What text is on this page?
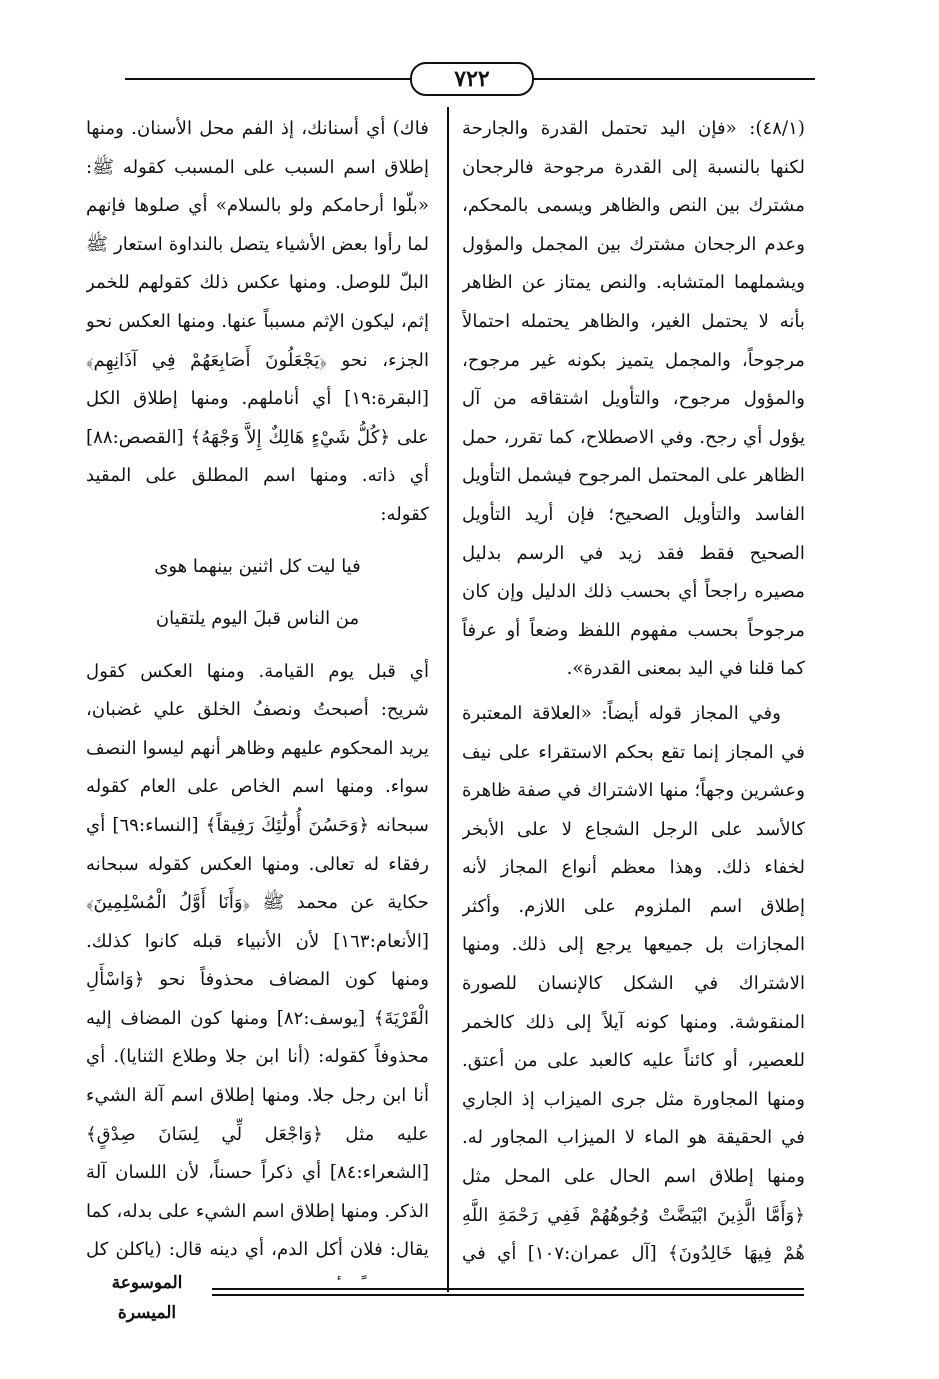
٧٢٢

(٤٨/١): «فإن اليد تحتمل القدرة والجارحة لكنها بالنسبة إلى القدرة مرجوحة فالرجحان مشترك بين النص والظاهر ويسمى بالمحكم، وعدم الرجحان مشترك بين المجمل والمؤول ويشملهما المتشابه. والنص يمتاز عن الظاهر بأنه لا يحتمل الغير، والظاهر يحتمله احتمالاً مرجوحاً، والمجمل يتميز بكونه غير مرجوح، والمؤول مرجوح، والتأويل اشتقاقه من آل يؤول أي رجح. وفي الاصطلاح، كما تقرر، حمل الظاهر على المحتمل المرجوح فيشمل التأويل الفاسد والتأويل الصحيح؛ فإن أريد التأويل الصحيح فقط فقد زيد في الرسم بدليل مصيره راجحاً أي بحسب ذلك الدليل وإن كان مرجوحاً بحسب مفهوم اللفظ وضعاً أو عرفاً كما قلنا في اليد بمعنى القدرة».

وفي المجاز قوله أيضاً: «العلاقة المعتبرة في المجاز إنما تقع بحكم الاستقراء على نيف وعشرين وجهاً؛ منها الاشتراك في صفة ظاهرة كالأسد على الرجل الشجاع لا على الأبخر لخفاء ذلك. وهذا معظم أنواع المجاز لأنه إطلاق اسم الملزوم على اللازم. وأكثر المجازات بل جميعها يرجع إلى ذلك. ومنها الاشتراك في الشكل كالإنسان للصورة المنقوشة. ومنها كونه آيلاً إلى ذلك كالخمر للعصير، أو كائناً عليه كالعبد على من أعتق. ومنها المجاورة مثل جرى الميزاب إذ الجاري في الحقيقة هو الماء لا الميزاب المجاور له. ومنها إطلاق اسم الحال على المحل مثل ﴿وَأَمَّا الَّذِينَ ابْيَضَّتْ وُجُوهُهُمْ فَفِي رَحْمَةِ اللَّهِ هُمْ فِيهَا خَالِدُونَ﴾ [آل عمران:١٠٧] أي في

فاك) أي أسنانك، إذ الفم محل الأسنان. ومنها إطلاق اسم السبب على المسبب كقوله ﷺ: «بلّوا أرحامكم ولو بالسلام» أي صلوها فإنهم لما رأوا بعض الأشياء يتصل بالنداوة استعار ﷺ البلّ للوصل. ومنها عكس ذلك كقولهم للخمر إثم، ليكون الإثم مسبباً عنها. ومنها العكس نحو الجزء، نحو ﴿يَجْعَلُونَ أَصَابِعَهُمْ فِي آذَانِهِم﴾ [البقرة:١٩] أي أناملهم. ومنها إطلاق الكل على ﴿كُلُّ شَيْءٍ هَالِكٌ إِلاَّ وَجْهَهُ﴾ [القصص:٨٨] أي ذاته. ومنها اسم المطلق على المقيد كقوله:

فيا ليت كل اثنين بينهما هوى
من الناس قبلَ اليوم يلتقيان

أي قبل يوم القيامة. ومنها العكس كقول شريح: أصبحتُ ونصفُ الخلق علي غضبان، يريد المحكوم عليهم وظاهر أنهم ليسوا النصف سواء. ومنها اسم الخاص على العام كقوله سبحانه ﴿وَحَسُنَ أُولَٰئِكَ رَفِيقاً﴾ [النساء:٦٩] أي رفقاء له تعالى. ومنها العكس كقوله سبحانه حكاية عن محمد ﷺ ﴿وَأَنَا أَوَّلُ الْمُسْلِمِينَ﴾ [الأنعام:١٦٣] لأن الأنبياء قبله كانوا كذلك. ومنها كون المضاف محذوفاً نحو ﴿وَاسْأَلِ الْقَرْيَةَ﴾ [يوسف:٨٢] ومنها كون المضاف إليه محذوفاً كقوله: (أنا ابن جلا وطلاع الثنايا). أي أنا ابن رجل جلا. ومنها إطلاق اسم آلة الشيء عليه مثل ﴿وَاجْعَل لِّي لِسَانَ صِدْقٍ﴾ [الشعراء:٨٤] أي ذكراً حسناً، لأن اللسان آلة الذكر. ومنها إطلاق اسم الشيء على بدله، كما يقال: فلان أكل الدم، أي دينه قال: (ياكلن كل

الموسوعة الميسرة
